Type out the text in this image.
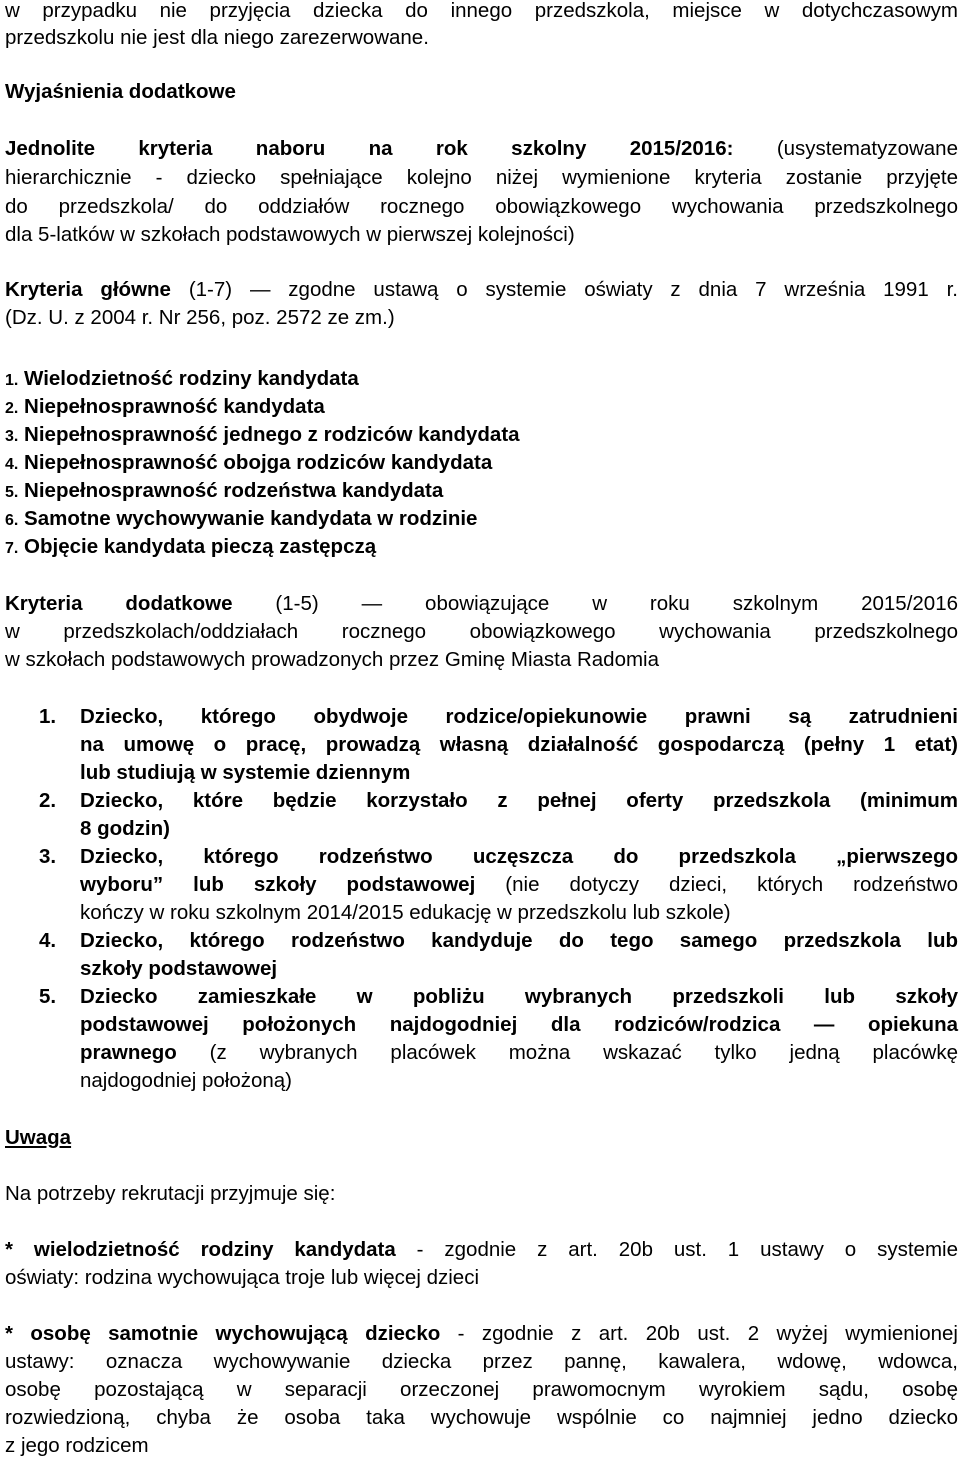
w przypadku nie przyjęcia dziecka do innego przedszkola, miejsce w dotychczasowym
przedszkolu nie jest dla niego zarezerwowane.
Wyjaśnienia dodatkowe
Jednolite kryteria naboru na rok szkolny 2015/2016: (usystematyzowane
hierarchicznie - dziecko spełniające kolejno niżej wymienione kryteria zostanie przyjęte
do przedszkola/ do oddziałów rocznego obowiązkowego wychowania przedszkolnego
dla 5-latków w szkołach podstawowych w pierwszej kolejności)
Kryteria główne (1-7) — zgodne ustawą o systemie oświaty z dnia 7 września 1991 r.
(Dz. U. z 2004 r. Nr 256, poz. 2572 ze zm.)
1. Wielodzietność rodziny kandydata
2. Niepełnosprawność kandydata
3. Niepełnosprawność jednego z rodziców kandydata
4. Niepełnosprawność obojga rodziców kandydata
5. Niepełnosprawność rodzeństwa kandydata
6. Samotne wychowywanie kandydata w rodzinie
7. Objęcie kandydata pieczą zastępczą
Kryteria dodatkowe (1-5) — obowiązujące w roku szkolnym 2015/2016
w przedszkolach/oddziałach rocznego obowiązkowego wychowania przedszkolnego
w szkołach podstawowych prowadzonych przez Gminę Miasta Radomia
1. Dziecko, którego obydwoje rodzice/opiekunowie prawni są zatrudnieni
na umowę o pracę, prowadzą własną działalność gospodarczą (pełny 1 etat)
lub studiują w systemie dziennym
2. Dziecko, które będzie korzystało z pełnej oferty przedszkola (minimum
8 godzin)
3. Dziecko, którego rodzeństwo uczęszcza do przedszkola „pierwszego
wyboru” lub szkoły podstawowej (nie dotyczy dzieci, których rodzeństwo
kończy w roku szkolnym 2014/2015 edukację w przedszkolu lub szkole)
4. Dziecko, którego rodzeństwo kandyduje do tego samego przedszkola lub
szkoły podstawowej
5. Dziecko zamieszkałe w pobliżu wybranych przedszkoli lub szkoły
podstawowej położonych najdogodniej dla rodziców/rodzica — opiekuna
prawnego (z wybranych placówek można wskazać tylko jedną placówkę
najdogodniej położoną)
Uwaga
Na potrzeby rekrutacji przyjmuje się:
* wielodzietność rodziny kandydata - zgodnie z art. 20b ust. 1 ustawy o systemie
oświaty: rodzina wychowująca troje lub więcej dzieci
* osobę samotnie wychowującą dziecko - zgodnie z art. 20b ust. 2 wyżej wymienionej
ustawy: oznacza wychowywanie dziecka przez pannę, kawalera, wdowę, wdowca,
osobę pozostającą w separacji orzeczonej prawomocnym wyrokiem sądu, osobę
rozwiedzioną, chyba że osoba taka wychowuje wspólnie co najmniej jedno dziecko
z jego rodzicem
